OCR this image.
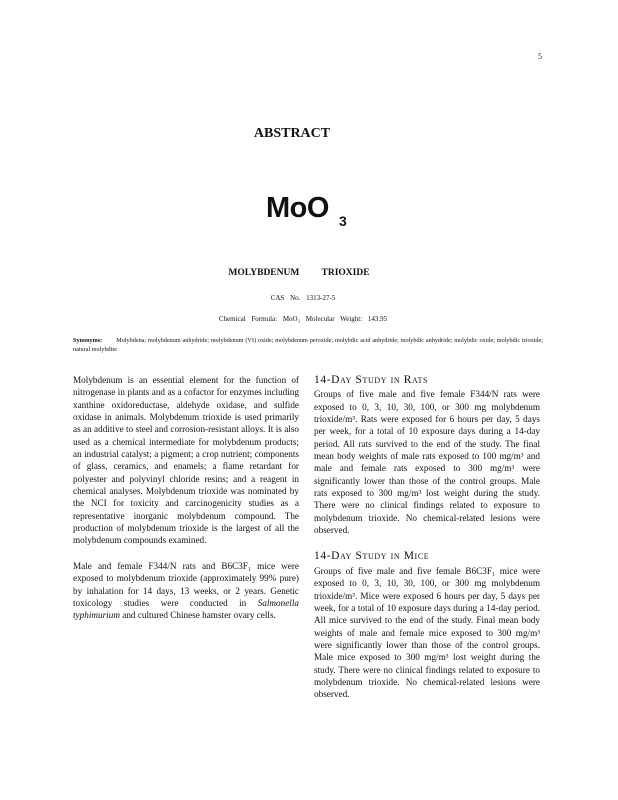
5
ABSTRACT
MoO 3
MOLYBDENUM TRIOXIDE
CAS No. 1313-27-5
Chemical Formula: MoO₃ Molecular Weight: 143.95
Synonyms: Molybdena; molybdenum anhydride; molybdenum (VI) oxide; molybdenum peroxide; molybdic acid anhydride; molybdic anhydride; molybdic oxide; molybdic trioxide; natural molybdite

Molybdenum is an essential element for the function of nitrogenase in plants and as a cofactor for enzymes including xanthine oxidoreductase, aldehyde oxidase, and sulfide oxidase in animals. Molybdenum trioxide is used primarily as an additive to steel and corrosion-resistant alloys. It is also used as a chemical intermediate for molybdenum products; an industrial catalyst; a pigment; a crop nutrient; components of glass, ceramics, and enamels; a flame retardant for polyester and polyvinyl chloride resins; and a reagent in chemical analyses. Molybdenum trioxide was nominated by the NCI for toxicity and carcinogenicity studies as a representative inorganic molybdenum compound. The production of molybdenum trioxide is the largest of all the molybdenum compounds examined.

Male and female F344/N rats and B6C3F₁ mice were exposed to molybdenum trioxide (approximately 99% pure) by inhalation for 14 days, 13 weeks, or 2 years. Genetic toxicology studies were conducted in Salmonella typhimurium and cultured Chinese hamster ovary cells.

14-Day Study in Rats

Groups of five male and five female F344/N rats were exposed to 0, 3, 10, 30, 100, or 300 mg molybdenum trioxide/m³. Rats were exposed for 6 hours per day, 5 days per week, for a total of 10 exposure days during a 14-day period. All rats survived to the end of the study. The final mean body weights of male rats exposed to 100 mg/m³ and male and female rats exposed to 300 mg/m³ were significantly lower than those of the control groups. Male rats exposed to 300 mg/m³ lost weight during the study. There were no clinical findings related to exposure to molybdenum trioxide. No chemical-related lesions were observed.

14-Day Study in Mice

Groups of five male and five female B6C3F₁ mice were exposed to 0, 3, 10, 30, 100, or 300 mg molybdenum trioxide/m³. Mice were exposed 6 hours per day, 5 days per week, for a total of 10 exposure days during a 14-day period. All mice survived to the end of the study. Final mean body weights of male and female mice exposed to 300 mg/m³ were significantly lower than those of the control groups. Male mice exposed to 300 mg/m³ lost weight during the study. There were no clinical findings related to exposure to molybdenum trioxide. No chemical-related lesions were observed.
